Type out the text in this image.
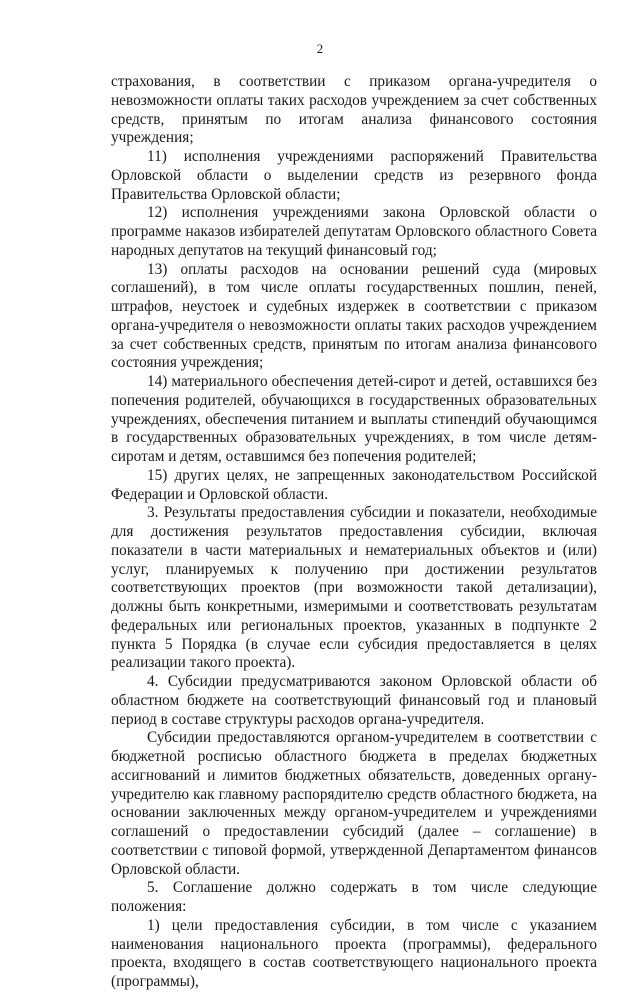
2

страхования, в соответствии с приказом органа-учредителя о невозможности оплаты таких расходов учреждением за счет собственных средств, принятым по итогам анализа финансового состояния учреждения;

11) исполнения учреждениями распоряжений Правительства Орловской области о выделении средств из резервного фонда Правительства Орловской области;

12) исполнения учреждениями закона Орловской области о программе наказов избирателей депутатам Орловского областного Совета народных депутатов на текущий финансовый год;

13) оплаты расходов на основании решений суда (мировых соглашений), в том числе оплаты государственных пошлин, пеней, штрафов, неустоек и судебных издержек в соответствии с приказом органа-учредителя о невозможности оплаты таких расходов учреждением за счет собственных средств, принятым по итогам анализа финансового состояния учреждения;

14) материального обеспечения детей-сирот и детей, оставшихся без попечения родителей, обучающихся в государственных образовательных учреждениях, обеспечения питанием и выплаты стипендий обучающимся в государственных образовательных учреждениях, в том числе детям-сиротам и детям, оставшимся без попечения родителей;

15) других целях, не запрещенных законодательством Российской Федерации и Орловской области.

3. Результаты предоставления субсидии и показатели, необходимые для достижения результатов предоставления субсидии, включая показатели в части материальных и нематериальных объектов и (или) услуг, планируемых к получению при достижении результатов соответствующих проектов (при возможности такой детализации), должны быть конкретными, измеримыми и соответствовать результатам федеральных или региональных проектов, указанных в подпункте 2 пункта 5 Порядка (в случае если субсидия предоставляется в целях реализации такого проекта).

4. Субсидии предусматриваются законом Орловской области об областном бюджете на соответствующий финансовый год и плановый период в составе структуры расходов органа-учредителя.

Субсидии предоставляются органом-учредителем в соответствии с бюджетной росписью областного бюджета в пределах бюджетных ассигнований и лимитов бюджетных обязательств, доведенных органу-учредителю как главному распорядителю средств областного бюджета, на основании заключенных между органом-учредителем и учреждениями соглашений о предоставлении субсидий (далее – соглашение) в соответствии с типовой формой, утвержденной Департаментом финансов Орловской области.

5. Соглашение должно содержать в том числе следующие положения:

1) цели предоставления субсидии, в том числе с указанием наименования национального проекта (программы), федерального проекта, входящего в состав соответствующего национального проекта (программы),
